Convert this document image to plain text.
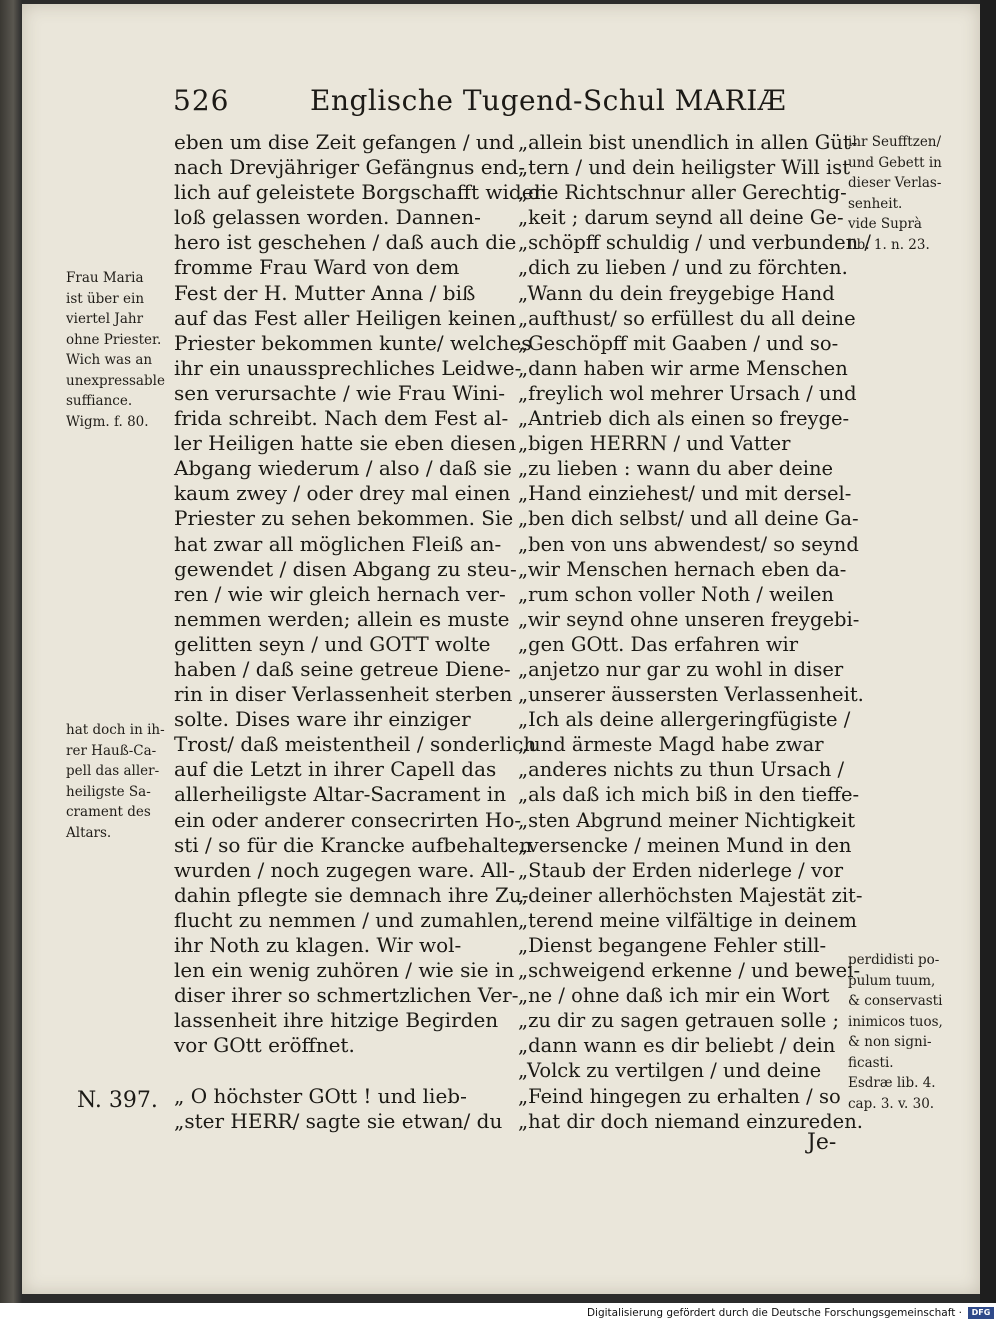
526	Englische Tugend-Schul MARIÆ
Frau Maria
ist über ein
viertel Jahr
ohne Priester.
Wich was an
unexpressable
suffiance.
Wigm. f. 80.
hat doch in ih-
rer Hauß-Ca-
pell das aller-
heiligste Sa-
crament des
Altars.
eben um dise Zeit gefangen / und
nach Drevjähriger Gefängnus end-
lich auf geleistete Borgschafft wider
loß gelassen worden. Dannen-
hero ist geschehen / daß auch die
fromme Frau Ward von dem
Fest der H. Mutter Anna / biß
auf das Fest aller Heiligen keinen
Priester bekommen kunte/ welches
ihr ein unaussprechliches Leidwe-
sen verursachte / wie Frau Wini-
frida schreibt. Nach dem Fest al-
ler Heiligen hatte sie eben diesen
Abgang wiederum / also / daß sie
kaum zwey / oder drey mal einen
Priester zu sehen bekommen. Sie
hat zwar all möglichen Fleiß an-
gewendet / disen Abgang zu steu-
ren / wie wir gleich hernach ver-
nemmen werden; allein es muste
gelitten seyn / und GOTT wolte
haben / daß seine getreue Diene-
rin in diser Verlassenheit sterben
solte. Dises ware ihr einziger
Trost/ daß meistentheil / sonderlich
auf die Letzt in ihrer Capell das
allerheiligste Altar-Sacrament in
ein oder anderer consecrirten Ho-
sti / so für die Krancke aufbehalten
wurden / noch zugegen ware. All-
dahin pflegte sie demnach ihre Zu-
flucht zu nemmen / und zumahlen
ihr Noth zu klagen. Wir wol-
len ein wenig zuhören / wie sie in
diser ihrer so schmertzlichen Ver-
lassenheit ihre hitzige Begirden
vor GOtt eröffnet.
„ O höchster GOtt ! und lieb-
„ster HERR/ sagte sie etwan/ du
„allein bist unendlich in allen Güt-
„tern / und dein heiligster Will ist
„die Richtschnur aller Gerechtig-
„keit ; darum seynd all deine Ge-
„schöpff schuldig / und verbunden /
„dich zu lieben / und zu förchten.
„Wann du dein freygebige Hand
„aufthust/ so erfüllest du all deine
„Geschöpff mit Gaaben / und so-
„dann haben wir arme Menschen
„freylich wol mehrer Ursach / und
„Antrieb dich als einen so freyge-
„bigen HERRN / und Vatter
„zu lieben : wann du aber deine
„Hand einziehest/ und mit dersel-
„ben dich selbst/ und all deine Ga-
„ben von uns abwendest/ so seynd
„wir Menschen hernach eben da-
„rum schon voller Noth / weilen
„wir seynd ohne unseren freygebi-
„gen GOtt. Das erfahren wir
„anjetzo nur gar zu wohl in diser
„unserer äussersten Verlassenheit.
„Ich als deine allergeringfügiste /
„und ärmeste Magd habe zwar
„anderes nichts zu thun Ursach /
„als daß ich mich biß in den tieffe-
„sten Abgrund meiner Nichtigkeit
„versencke / meinen Mund in den
„Staub der Erden niderlege / vor
„deiner allerhöchsten Majestät zit-
„terend meine vilfältige in deinem
„Dienst begangene Fehler still-
„schweigend erkenne / und bewei-
„ne / ohne daß ich mir ein Wort
„zu dir zu sagen getrauen solle ;
„dann wann es dir beliebt / dein
„Volck zu vertilgen / und deine
„Feind hingegen zu erhalten / so
„hat dir doch niemand einzureden.
ihr Seufftzen/
und Gebett in
dieser Verlas-
senheit.
vide Suprà
lib. 1. n. 23.
perdidisti po-
pulum tuum,
& conservasti
inimicos tuos,
& non signi-
ficasti.
Esdræ lib. 4.
cap. 3. v. 30.
N. 397.
Je-
Digitalisierung gefördert durch die Deutsche Forschungsgemeinschaft ·	DFG
